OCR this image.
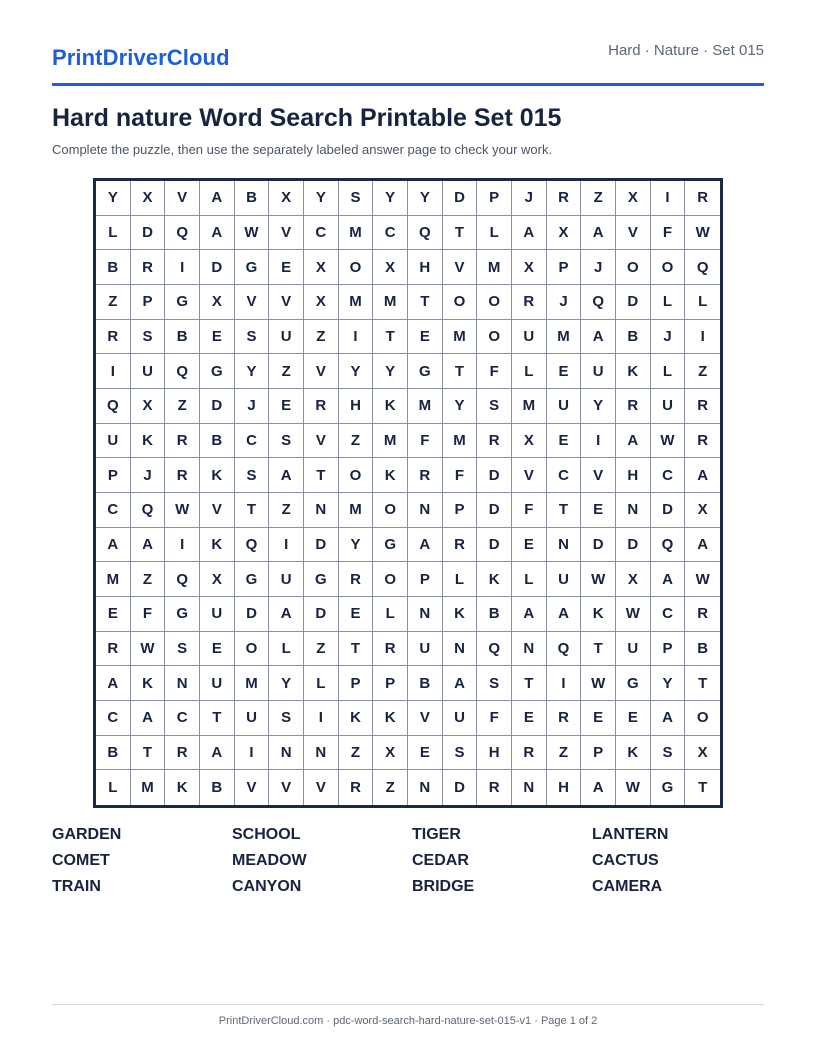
PrintDriverCloud	Hard · Nature · Set 015
Hard nature Word Search Printable Set 015

Complete the puzzle, then use the separately labeled answer page to check your work.

Y	X	V	A	B	X	Y	S	Y	Y	D	P	J	R	Z	X	I	R
L	D	Q	A	W	V	C	M	C	Q	T	L	A	X	A	V	F	W
B	R	I	D	G	E	X	O	X	H	V	M	X	P	J	O	O	Q
Z	P	G	X	V	V	X	M	M	T	O	O	R	J	Q	D	L	L
R	S	B	E	S	U	Z	I	T	E	M	O	U	M	A	B	J	I
I	U	Q	G	Y	Z	V	Y	Y	G	T	F	L	E	U	K	L	Z
Q	X	Z	D	J	E	R	H	K	M	Y	S	M	U	Y	R	U	R
U	K	R	B	C	S	V	Z	M	F	M	R	X	E	I	A	W	R
P	J	R	K	S	A	T	O	K	R	F	D	V	C	V	H	C	A
C	Q	W	V	T	Z	N	M	O	N	P	D	F	T	E	N	D	X
A	A	I	K	Q	I	D	Y	G	A	R	D	E	N	D	D	Q	A
M	Z	Q	X	G	U	G	R	O	P	L	K	L	U	W	X	A	W
E	F	G	U	D	A	D	E	L	N	K	B	A	A	K	W	C	R
R	W	S	E	O	L	Z	T	R	U	N	Q	N	Q	T	U	P	B
A	K	N	U	M	Y	L	P	P	B	A	S	T	I	W	G	Y	T
C	A	C	T	U	S	I	K	K	V	U	F	E	R	E	E	A	O
B	T	R	A	I	N	N	Z	X	E	S	H	R	Z	P	K	S	X
L	M	K	B	V	V	V	R	Z	N	D	R	N	H	A	W	G	T
GARDEN	SCHOOL	TIGER	LANTERN
COMET	MEADOW	CEDAR	CACTUS
TRAIN	CANYON	BRIDGE	CAMERA
PrintDriverCloud.com · pdc-word-search-hard-nature-set-015-v1 · Page 1 of 2
